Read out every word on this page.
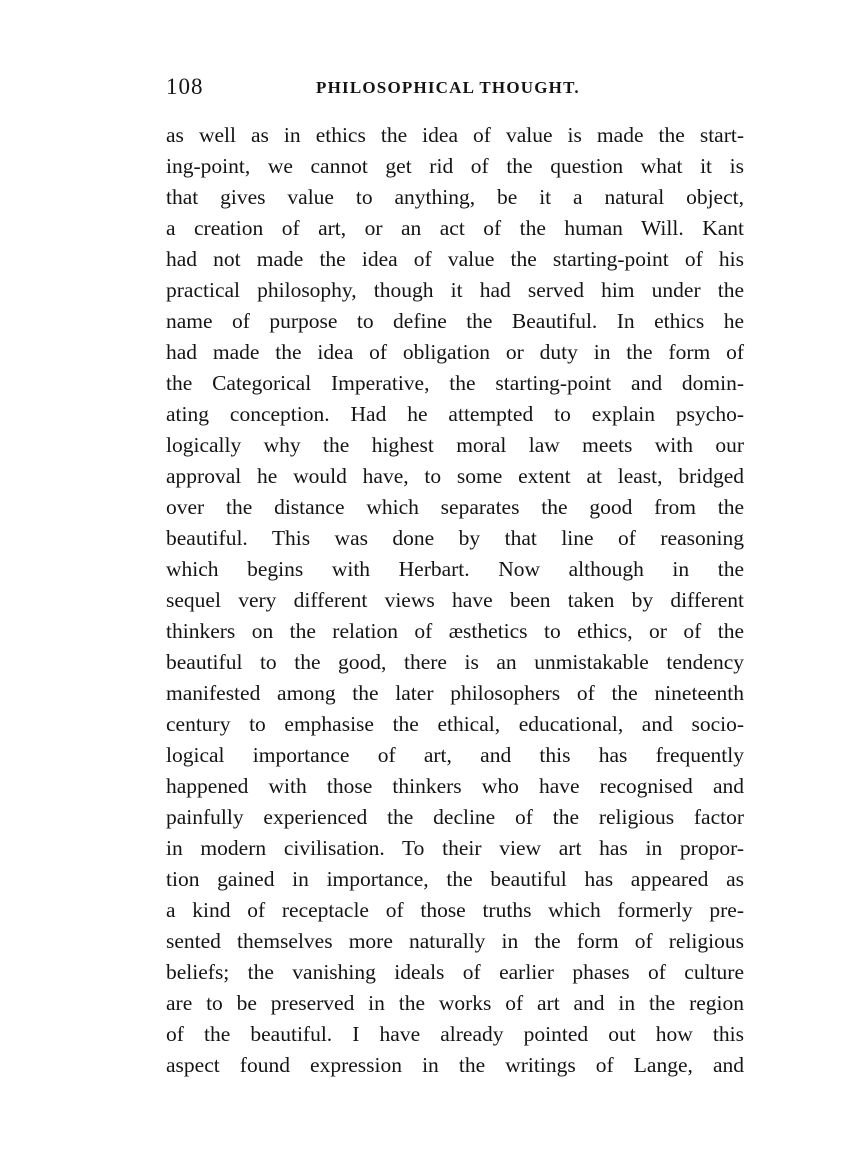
108	PHILOSOPHICAL THOUGHT.
as well as in ethics the idea of value is made the start-
ing-point, we cannot get rid of the question what it is
that gives value to anything, be it a natural object,
a creation of art, or an act of the human Will. Kant
had not made the idea of value the starting-point of his
practical philosophy, though it had served him under the
name of purpose to define the Beautiful. In ethics he
had made the idea of obligation or duty in the form of
the Categorical Imperative, the starting-point and domin-
ating conception. Had he attempted to explain psycho-
logically why the highest moral law meets with our
approval he would have, to some extent at least, bridged
over the distance which separates the good from the
beautiful. This was done by that line of reasoning
which begins with Herbart. Now although in the
sequel very different views have been taken by different
thinkers on the relation of æsthetics to ethics, or of the
beautiful to the good, there is an unmistakable tendency
manifested among the later philosophers of the nineteenth
century to emphasise the ethical, educational, and socio-
logical importance of art, and this has frequently
happened with those thinkers who have recognised and
painfully experienced the decline of the religious factor
in modern civilisation. To their view art has in propor-
tion gained in importance, the beautiful has appeared as
a kind of receptacle of those truths which formerly pre-
sented themselves more naturally in the form of religious
beliefs; the vanishing ideals of earlier phases of culture
are to be preserved in the works of art and in the region
of the beautiful. I have already pointed out how this
aspect found expression in the writings of Lange, and
